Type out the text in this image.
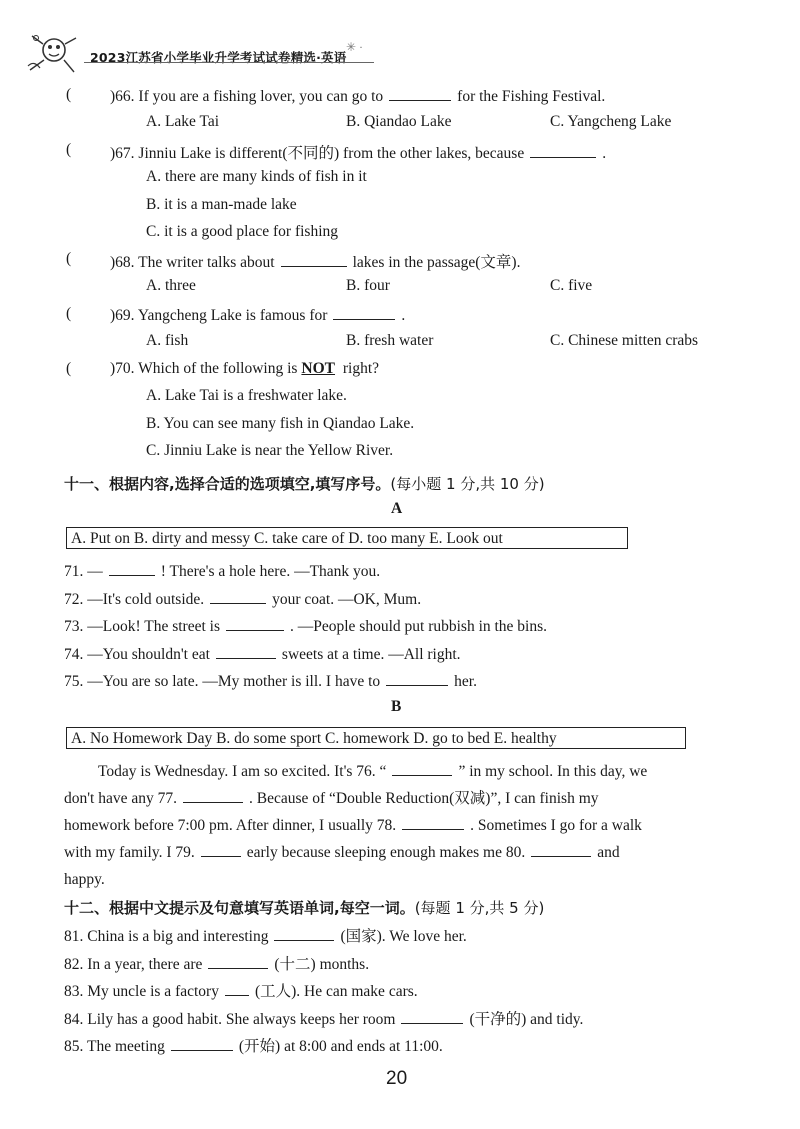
2023江苏省小学毕业升学考试试卷精选·英语
✳ ·
(	)66. If you are a fishing lover, you can go to	for the Fishing Festival.
A. Lake Tai	B. Qiandao Lake	C. Yangcheng Lake
(	)67. Jinniu Lake is different(不同的) from the other lakes, because	.
A. there are many kinds of fish in it
B. it is a man-made lake
C. it is a good place for fishing
(	)68. The writer talks about	lakes in the passage(文章).
A. three	B. four	C. five
(	)69. Yangcheng Lake is famous for	.
A. fish	B. fresh water	C. Chinese mitten crabs
(	)70. Which of the following is NOT right?
A. Lake Tai is a freshwater lake.
B. You can see many fish in Qiandao Lake.
C. Jinniu Lake is near the Yellow River.
十一、根据内容,选择合适的选项填空,填写序号。(每小题 1 分,共 10 分)
A
A. Put on B. dirty and messy C. take care of D. too many E. Look out
71. —	! There's a hole here. —Thank you.
72. —It's cold outside.	your coat. —OK, Mum.
73. —Look! The street is	. —People should put rubbish in the bins.
74. —You shouldn't eat	sweets at a time. —All right.
75. —You are so late. —My mother is ill. I have to	her.
B
A. No Homework Day B. do some sport C. homework D. go to bed E. healthy
Today is Wednesday. I am so excited. It's 76. “	” in my school. In this day, we
don't have any 77.	. Because of “Double Reduction(双减)”, I can finish my
homework before 7:00 pm. After dinner, I usually 78.	. Sometimes I go for a walk
with my family. I 79.	early because sleeping enough makes me 80.	and
happy.
十二、根据中文提示及句意填写英语单词,每空一词。(每题 1 分,共 5 分)
81. China is a big and interesting	(国家). We love her.
82. In a year, there are	(十二) months.
83. My uncle is a factory (工人). He can make cars.
84. Lily has a good habit. She always keeps her room	(干净的) and tidy.
85. The meeting	(开始) at 8:00 and ends at 11:00.
20
